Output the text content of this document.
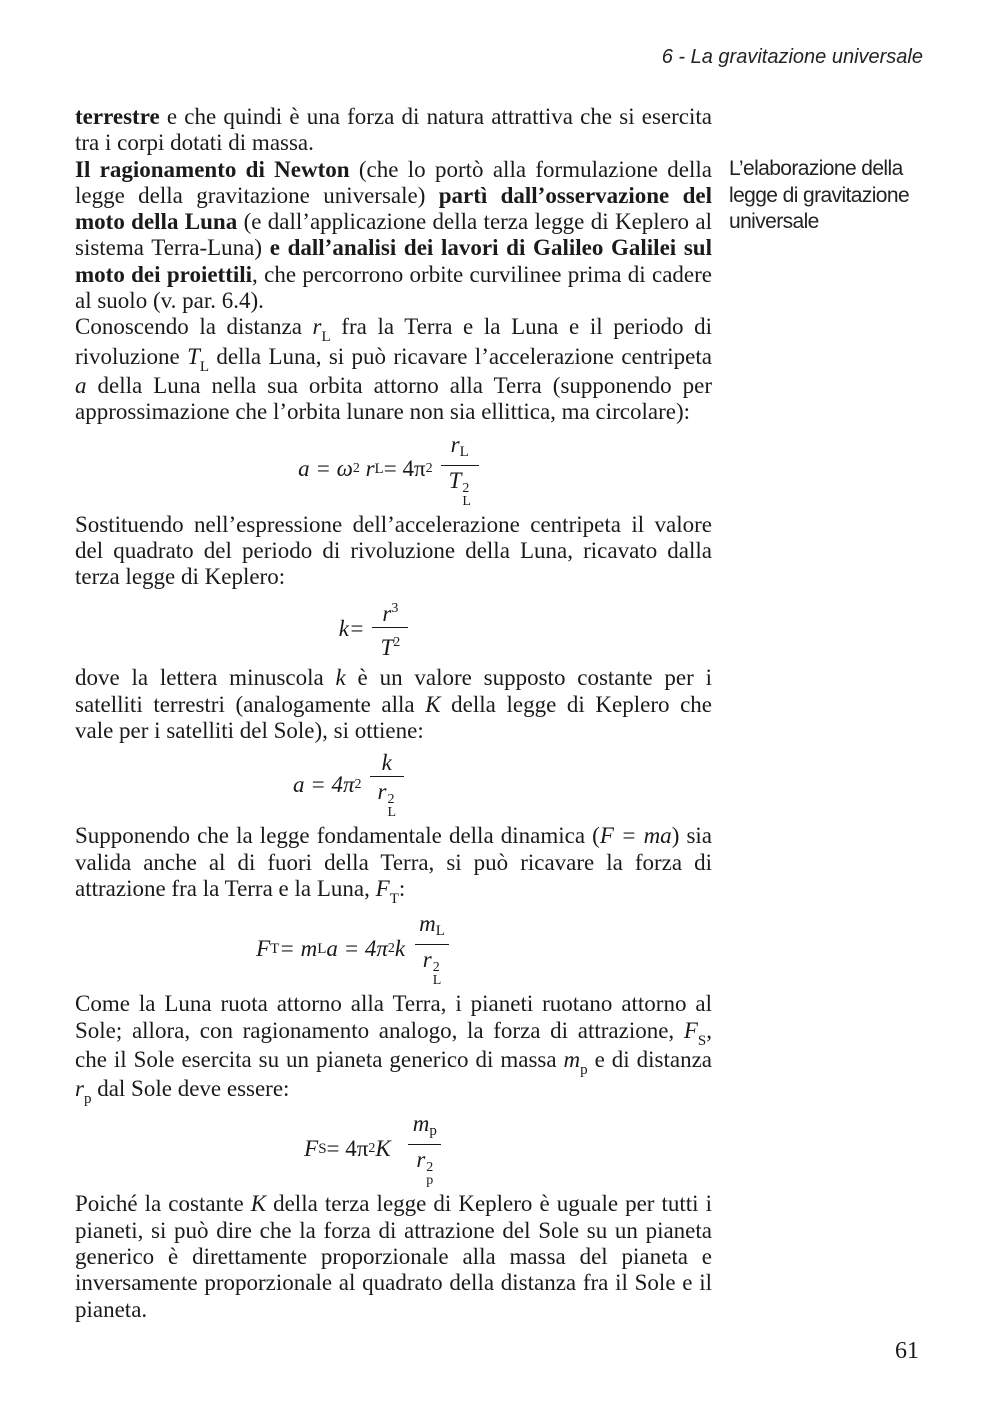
6 - La gravitazione universale
L’elaborazione della legge di gravitazione universale

terrestre e che quindi è una forza di natura attrattiva che si esercita tra i corpi dotati di massa.

Il ragionamento di Newton (che lo portò alla formulazione della legge della gravitazione universale) partì dall’osservazione del moto della Luna (e dall’applicazione della terza legge di Keplero al sistema Terra-Luna) e dall’analisi dei lavori di Galileo Galilei sul moto dei proiettili, che percorrono orbite curvilinee prima di cadere al suolo (v. par. 6.4).

Conoscendo la distanza $r_L$ fra la Terra e la Luna e il periodo di rivoluzione $T_L$ della Luna, si può ricavare l’accelerazione centripeta a della Luna nella sua orbita attorno alla Terra (supponendo per approssimazione che l’orbita lunare non sia ellittica, ma circolare):

a = ω 2
r L = 4π 2 rL
T 2
L

Sostituendo nell’espressione dell’accelerazione centripeta il valore del quadrato del periodo di rivoluzione della Luna, ricavato dalla terza legge di Keplero:

$k= \frac{r^3}{T^2}$

dove la lettera minuscola k è un valore supposto costante per i satelliti terrestri (analogamente alla K della legge di Keplero che vale per i satelliti del Sole), si ottiene:

a = 4π 2 k
r 2
L

Supponendo che la legge fondamentale della dinamica (F = ma) sia valida anche al di fuori della Terra, si può ricavare la forza di attrazione fra la Terra e la Luna, $F_T$:

F T = m L a = 4π 2 k mL
r 2
L

Come la Luna ruota attorno alla Terra, i pianeti ruotano attorno al Sole; allora, con ragionamento analogo, la forza di attrazione, $F_S$, che il Sole esercita su un pianeta generico di massa $m_p$ e di distanza $r_p$ dal Sole deve essere:

F S = 4π 2 K mp
r 2
p

Poiché la costante K della terza legge di Keplero è uguale per tutti i pianeti, si può dire che la forza di attrazione del Sole su un pianeta generico è direttamente proporzionale alla massa del pianeta e inversamente proporzionale al quadrato della distanza fra il Sole e il pianeta.

61
